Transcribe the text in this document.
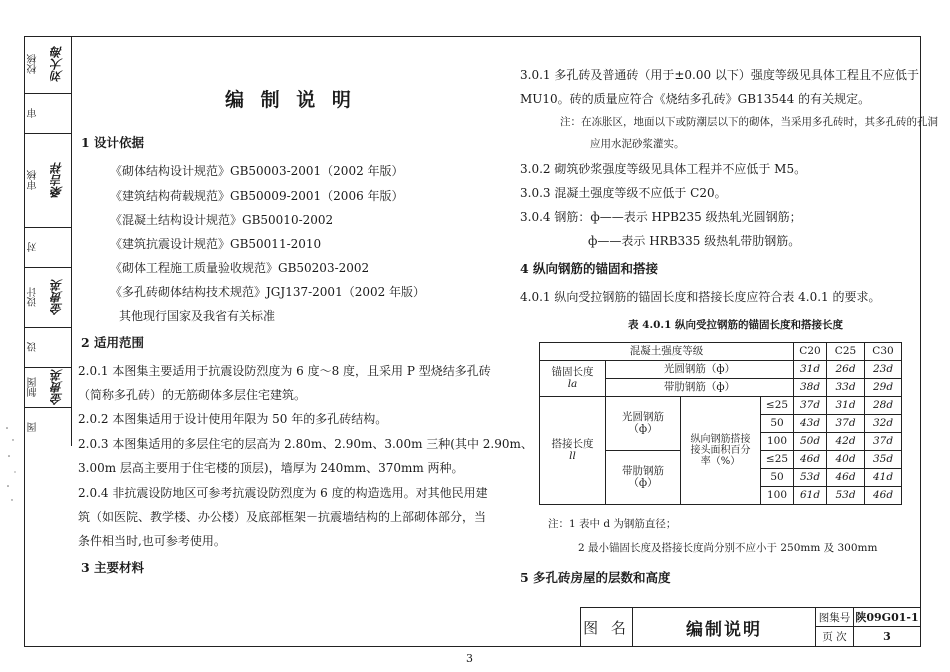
校核 刘大海
审
审核 桑吉祥
对
设计 金贵英
设
制图 金贵英
图
编 制 说 明
1 设计依据
《砌体结构设计规范》GB50003-2001（2002 年版）
《建筑结构荷载规范》GB50009-2001（2006 年版）
《混凝土结构设计规范》GB50010-2002
《建筑抗震设计规范》GB50011-2010
《砌体工程施工质量验收规范》GB50203-2002
《多孔砖砌体结构技术规范》JGJ137-2001（2002 年版）
其他现行国家及我省有关标准
2 适用范围
2.0.1 本图集主要适用于抗震设防烈度为 6 度～8 度，且采用 P 型烧结多孔砖
（简称多孔砖）的无筋砌体多层住宅建筑。
2.0.2 本图集适用于设计使用年限为 50 年的多孔砖结构。
2.0.3 本图集适用的多层住宅的层高为 2.80m、2.90m、3.00m 三种(其中 2.90m、
3.00m 层高主要用于住宅楼的顶层)，墙厚为 240mm、370mm 两种。
2.0.4 非抗震设防地区可参考抗震设防烈度为 6 度的构造选用。对其他民用建
筑（如医院、教学楼、办公楼）及底部框架－抗震墙结构的上部砌体部分，当
条件相当时,也可参考使用。
3 主要材料
3.0.1 多孔砖及普通砖（用于±0.00 以下）强度等级见具体工程且不应低于
MU10。砖的质量应符合《烧结多孔砖》GB13544 的有关规定。
注：在冻胀区，地面以下或防潮层以下的砌体，当采用多孔砖时，其多孔砖的孔洞
应用水泥砂浆灌实。
3.0.2 砌筑砂浆强度等级见具体工程并不应低于 M5。
3.0.3 混凝土强度等级不应低于 C20。
3.0.4 钢筋：ф——表示 HPB235 级热轧光圆钢筋；
ф——表示 HRB335 级热轧带肋钢筋。
4 纵向钢筋的锚固和搭接
4.0.1 纵向受拉钢筋的锚固长度和搭接长度应符合表 4.0.1 的要求。
表 4.0.1 纵向受拉钢筋的锚固长度和搭接长度
混凝土强度等级				C20	C25	C30

锚固长度
la	光圆钢筋（ф）			31d	26d	23d
	带肋钢筋（ф）			38d	33d	29d

搭接长度
ll	光圆钢筋（ф）	纵向钢筋搭接接头面积百分率（%）	≤25	37d	31d	28d
			50	43d	37d	32d
			100	50d	42d	37d
	带肋钢筋（ф）		≤25	46d	40d	35d
			50	53d	46d	41d
			100	61d	53d	46d
注：1 表中 d 为钢筋直径；
2 最小锚固长度及搭接长度尚分别不应小于 250mm 及 300mm
5 多孔砖房屋的层数和高度
图 名	编制说明
图集号 陕09G01-1
页 次	3
3
